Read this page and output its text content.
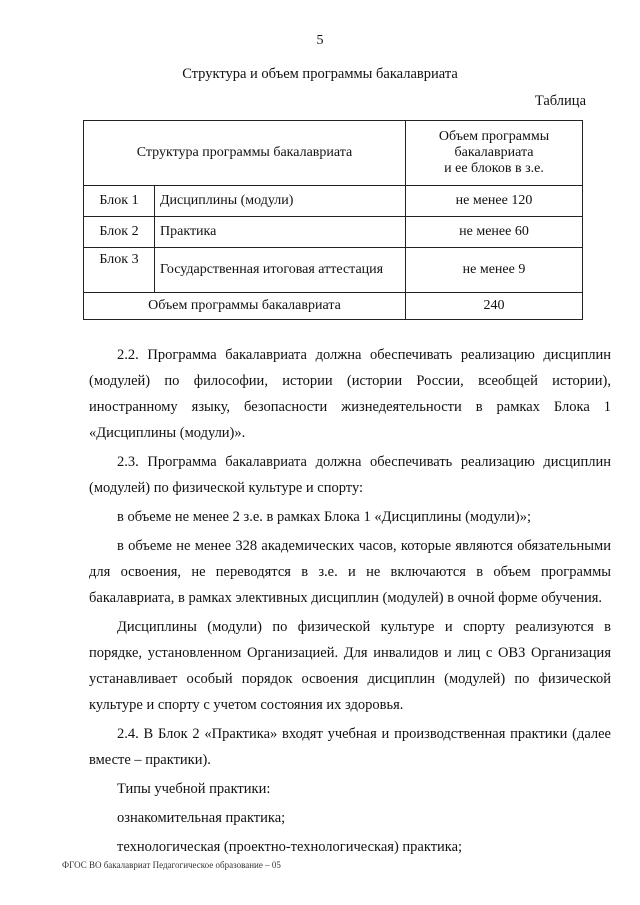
5
Структура и объем программы бакалавриата
Таблица
Структура программы бакалавриата		Объем программы
бакалавриата
и ее блоков в з.е.

Блок 1	Дисциплины (модули)	не менее 120
Блок 2	Практика	не менее 60
Блок 3	Государственная итоговая аттестация	не менее 9
Объем программы бакалавриата		240

2.2. Программа бакалавриата должна обеспечивать реализацию дисциплин (модулей) по философии, истории (истории России, всеобщей истории), иностранному языку, безопасности жизнедеятельности в рамках Блока 1 «Дисциплины (модули)».

2.3. Программа бакалавриата должна обеспечивать реализацию дисциплин (модулей) по физической культуре и спорту:

в объеме не менее 2 з.е. в рамках Блока 1 «Дисциплины (модули)»;

в объеме не менее 328 академических часов, которые являются обязательными для освоения, не переводятся в з.е. и не включаются в объем программы бакалавриата, в рамках элективных дисциплин (модулей) в очной форме обучения.

Дисциплины (модули) по физической культуре и спорту реализуются в порядке, установленном Организацией. Для инвалидов и лиц с ОВЗ Организация устанавливает особый порядок освоения дисциплин (модулей) по физической культуре и спорту с учетом состояния их здоровья.

2.4. В Блок 2 «Практика» входят учебная и производственная практики (далее вместе – практики).

Типы учебной практики:

ознакомительная практика;

технологическая (проектно-технологическая) практика;

ФГОС ВО бакалавриат Педагогическое образование – 05
